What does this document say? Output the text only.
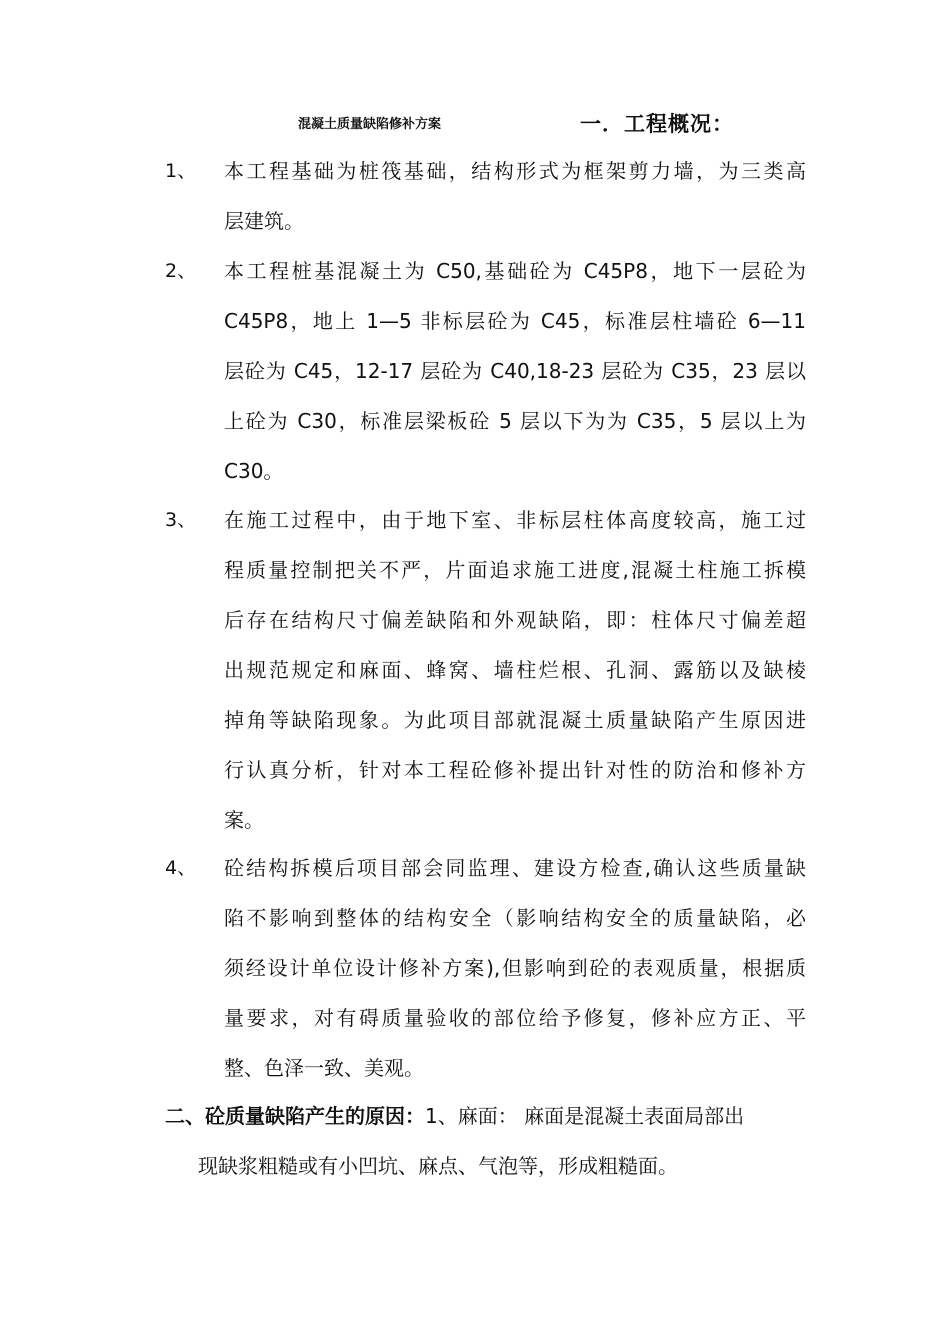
混凝土质量缺陷修补方案	一．工程概况：
1、 本工程基础为桩筏基础，结构形式为框架剪力墙，为三类高
层建筑。
2、 本工程桩基混凝土为 C50,基础砼为 C45P8，地下一层砼为
C45P8，地上 1—5 非标层砼为 C45，标准层柱墙砼 6—11
层砼为 C45，12-17 层砼为 C40,18-23 层砼为 C35，23 层以
上砼为 C30，标准层梁板砼 5 层以下为为 C35，5 层以上为
C30。
3、 在施工过程中，由于地下室、非标层柱体高度较高，施工过
程质量控制把关不严，片面追求施工进度,混凝土柱施工拆模
后存在结构尺寸偏差缺陷和外观缺陷，即：柱体尺寸偏差超
出规范规定和麻面、蜂窝、墙柱烂根、孔洞、露筋以及缺棱
掉角等缺陷现象。为此项目部就混凝土质量缺陷产生原因进
行认真分析，针对本工程砼修补提出针对性的防治和修补方
案。
4、 砼结构拆模后项目部会同监理、建设方检查,确认这些质量缺
陷不影响到整体的结构安全（影响结构安全的质量缺陷，必
须经设计单位设计修补方案),但影响到砼的表观质量，根据质
量要求，对有碍质量验收的部位给予修复，修补应方正、平
整、色泽一致、美观。
二、砼质量缺陷产生的原因：1、麻面： 麻面是混凝土表面局部出
现缺浆粗糙或有小凹坑、麻点、气泡等，形成粗糙面。
